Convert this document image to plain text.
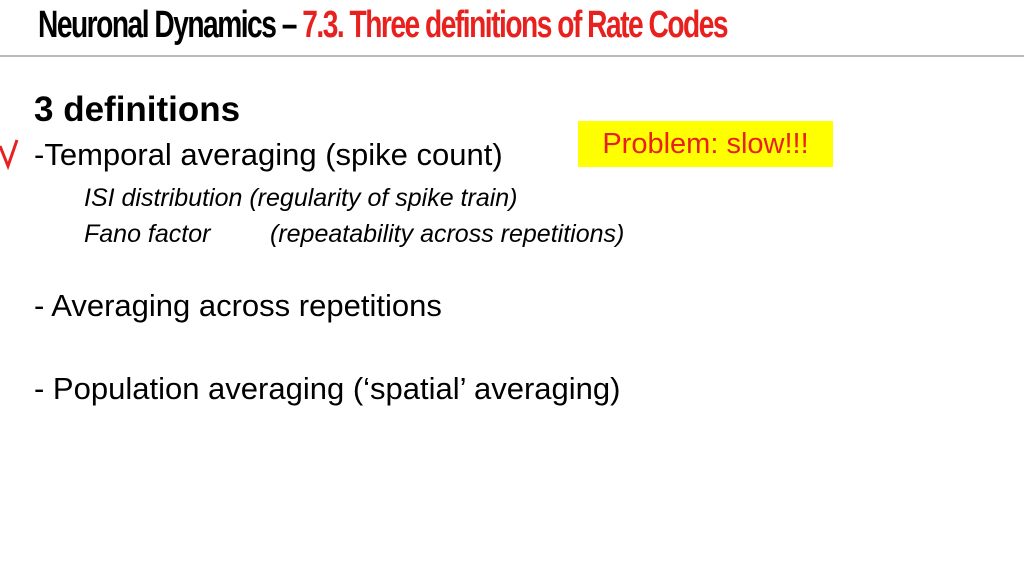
Neuronal Dynamics – 7.3. Three definitions of Rate Codes
3 definitions
-Temporal averaging (spike count)	Problem: slow!!!
ISI distribution (regularity of spike train)
Fano factor (repeatability across repetitions)
- Averaging across repetitions
- Population averaging (‘spatial’ averaging)
